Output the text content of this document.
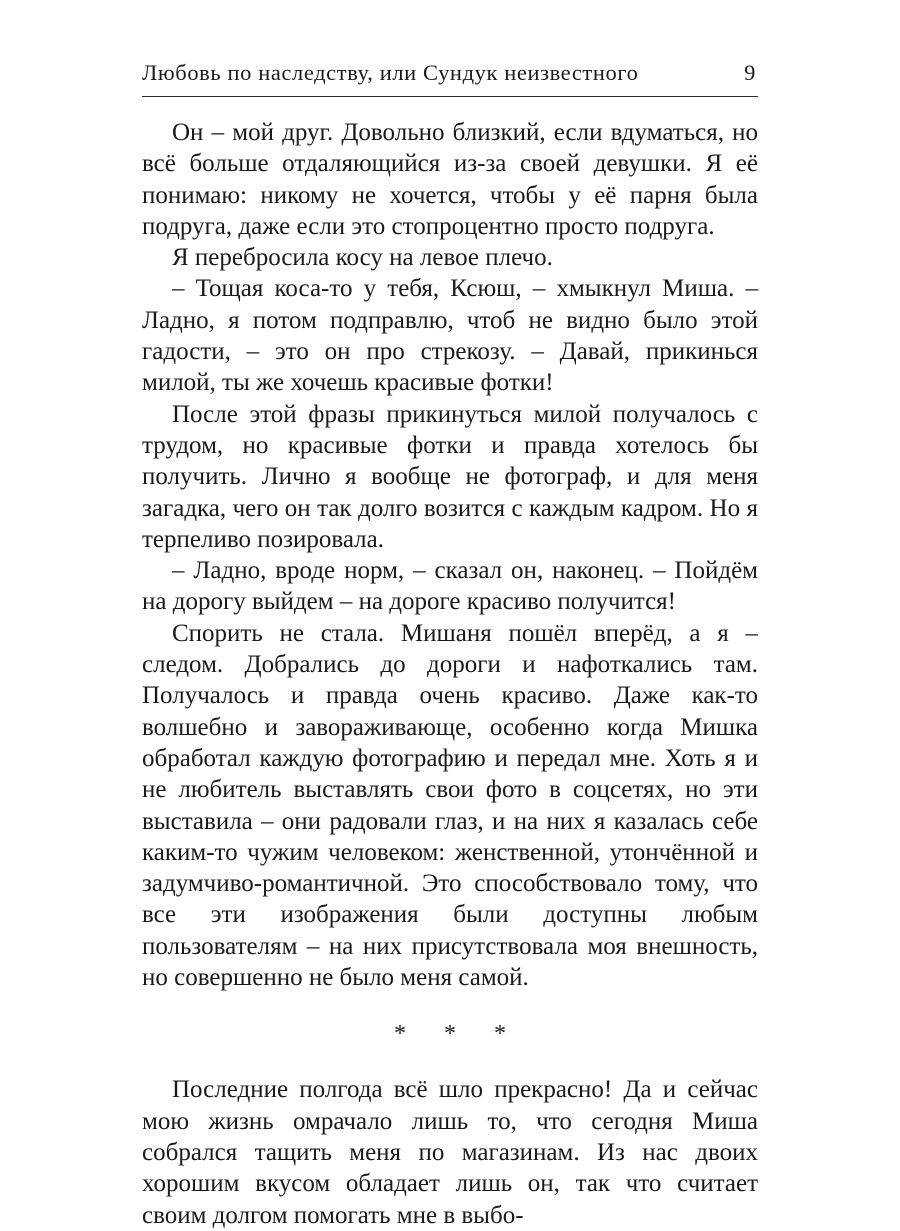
Любовь по наследству, или Сундук неизвестного	9

Он – мой друг. Довольно близкий, если вдуматься, но всё больше отдаляющийся из-за своей девушки. Я её понимаю: никому не хочется, чтобы у её парня была подруга, даже если это стопроцентно просто подруга.

Я перебросила косу на левое плечо.

– Тощая коса-то у тебя, Ксюш, – хмыкнул Миша. – Ладно, я потом подправлю, чтоб не видно было этой гадости, – это он про стрекозу. – Давай, прикинься милой, ты же хочешь красивые фотки!

После этой фразы прикинуться милой получалось с трудом, но красивые фотки и правда хотелось бы получить. Лично я вообще не фотограф, и для меня загадка, чего он так долго возится с каждым кадром. Но я терпеливо позировала.

– Ладно, вроде норм, – сказал он, наконец. – Пойдём на дорогу выйдем – на дороге красиво получится!

Спорить не стала. Мишаня пошёл вперёд, а я – следом. Добрались до дороги и нафоткались там. Получалось и правда очень красиво. Даже как-то волшебно и завораживающе, особенно когда Мишка обработал каждую фотографию и передал мне. Хоть я и не любитель выставлять свои фото в соцсетях, но эти выставила – они радовали глаз, и на них я казалась себе каким-то чужим человеком: женственной, утончённой и задумчиво-романтичной. Это способствовало тому, что все эти изображения были доступны любым пользователям – на них присутствовала моя внешность, но совершенно не было меня самой.

* * *

Последние полгода всё шло прекрасно! Да и сейчас мою жизнь омрачало лишь то, что сегодня Миша собрался тащить меня по магазинам. Из нас двоих хорошим вкусом обладает лишь он, так что считает своим долгом помогать мне в выбо-
